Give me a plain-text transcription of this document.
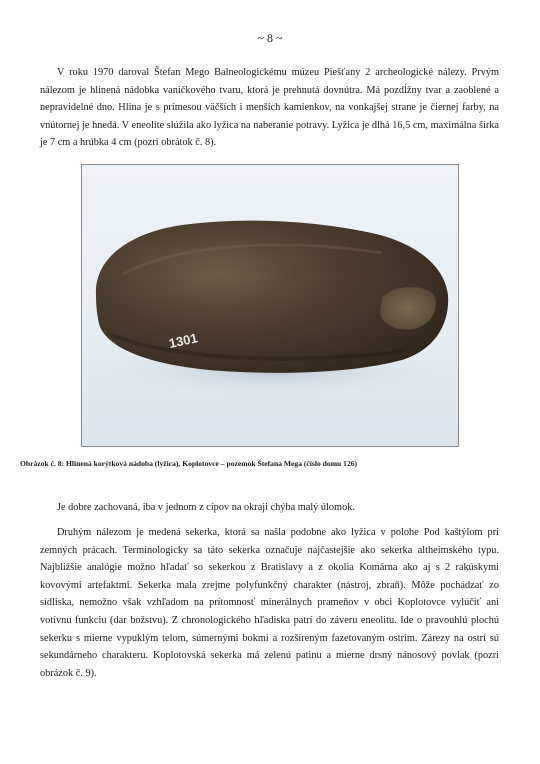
~ 8 ~

V roku 1970 daroval Štefan Mego Balneologickému múzeu Piešťany 2 archeologické nálezy. Prvým nálezom je hlinená nádobka vaničkového tvaru, ktorá je prehnutá dovnútra. Má pozdĺžny tvar a zaoblené a nepravidelné dno. Hlina je s prímesou väčších i menších kamienkov, na vonkajšej strane je čiernej farby, na vnútornej je hnedá. V eneolite slúžila ako lyžica na naberanie potravy. Lyžica je dlhá 16,5 cm, maximálna šírka je 7 cm a hrúbka 4 cm (pozri obrátok č. 8).

1301
Obrázok č. 8: Hlinená korýtková nádoba (lyžica), Koplotovce – pozemok Štefana Mega (číslo domu 126)

Je dobre zachovaná, iba v jednom z cípov na okraji chýba malý úlomok.

Druhým nálezom je medená sekerka, ktorá sa našla podobne ako lyžica v polohe Pod kaštýlom pri zemných prácach. Terminologicky sa táto sekerka označuje najčastejšie ako sekerka altheimského typu. Najbližšie analógie možno hľadať so sekerkou z Bratislavy a z okolia Komárna ako aj s 2 rakúskymi kovovými artefaktmi. Sekerka mala zrejme polyfunkčný charakter (nástroj, zbraň). Môže pochádzať zo sídliska, nemožno však vzhľadom na prítomnosť minerálnych prameňov v obci Koplotovce vylúčiť ani votívnu funkciu (dar božstvu). Z chronologického hľadiska patrí do záveru eneolitu. Ide o pravouhlú plochú sekerku s mierne vypuklým telom, súmernými bokmi a rozšíreným fazetovaným ostrím. Zárezy na ostrí sú sekundárneho charakteru. Koplotovská sekerka má zelenú patinu a mierne drsný nánosový povlak (pozri obrázok č. 9).
